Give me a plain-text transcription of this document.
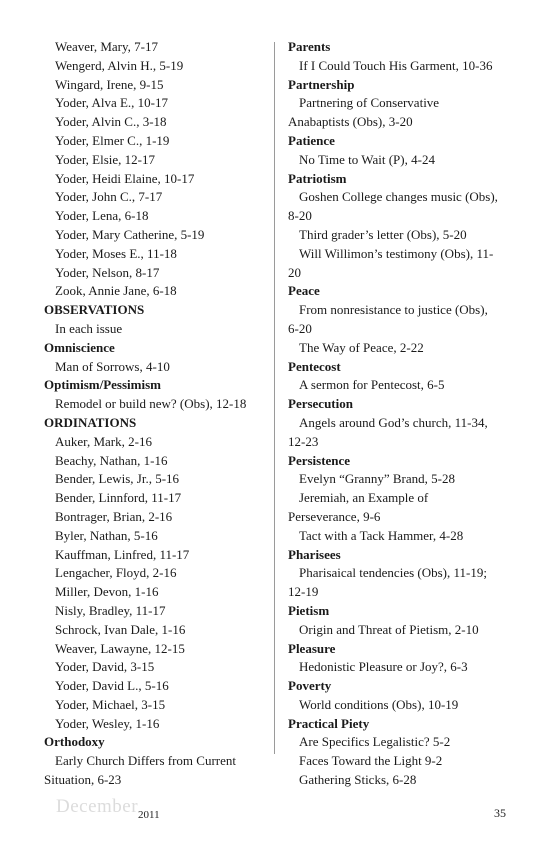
Weaver, Mary, 7-17
Wengerd, Alvin H., 5-19
Wingard, Irene, 9-15
Yoder, Alva E., 10-17
Yoder, Alvin C., 3-18
Yoder, Elmer C., 1-19
Yoder, Elsie, 12-17
Yoder, Heidi Elaine, 10-17
Yoder, John C., 7-17
Yoder, Lena, 6-18
Yoder, Mary Catherine, 5-19
Yoder, Moses E., 11-18
Yoder, Nelson, 8-17
Zook, Annie Jane, 6-18
OBSERVATIONS
In each issue
Omniscience
Man of Sorrows, 4-10
Optimism/Pessimism
Remodel or build new? (Obs), 12-18
ORDINATIONS
Auker, Mark, 2-16
Beachy, Nathan, 1-16
Bender, Lewis, Jr., 5-16
Bender, Linnford, 11-17
Bontrager, Brian, 2-16
Byler, Nathan, 5-16
Kauffman, Linfred, 11-17
Lengacher, Floyd, 2-16
Miller, Devon, 1-16
Nisly, Bradley, 11-17
Schrock, Ivan Dale, 1-16
Weaver, Lawayne, 12-15
Yoder, David, 3-15
Yoder, David L., 5-16
Yoder, Michael, 3-15
Yoder, Wesley, 1-16
Orthodoxy
Early Church Differs from Current
Situation, 6-23
Parents
If I Could Touch His Garment, 10-36
Partnership
Partnering of Conservative
Anabaptists (Obs), 3-20
Patience
No Time to Wait (P), 4-24
Patriotism
Goshen College changes music (Obs),
8-20
Third grader’s letter (Obs), 5-20
Will Willimon’s testimony (Obs), 11-
20
Peace
From nonresistance to justice (Obs),
6-20
The Way of Peace, 2-22
Pentecost
A sermon for Pentecost, 6-5
Persecution
Angels around God’s church, 11-34,
12-23
Persistence
Evelyn “Granny” Brand, 5-28
Jeremiah, an Example of
Perseverance, 9-6
Tact with a Tack Hammer, 4-28
Pharisees
Pharisaical tendencies (Obs), 11-19;
12-19
Pietism
Origin and Threat of Pietism, 2-10
Pleasure
Hedonistic Pleasure or Joy?, 6-3
Poverty
World conditions (Obs), 10-19
Practical Piety
Are Specifics Legalistic? 5-2
Faces Toward the Light 9-2
Gathering Sticks, 6-28
December 2011	35
